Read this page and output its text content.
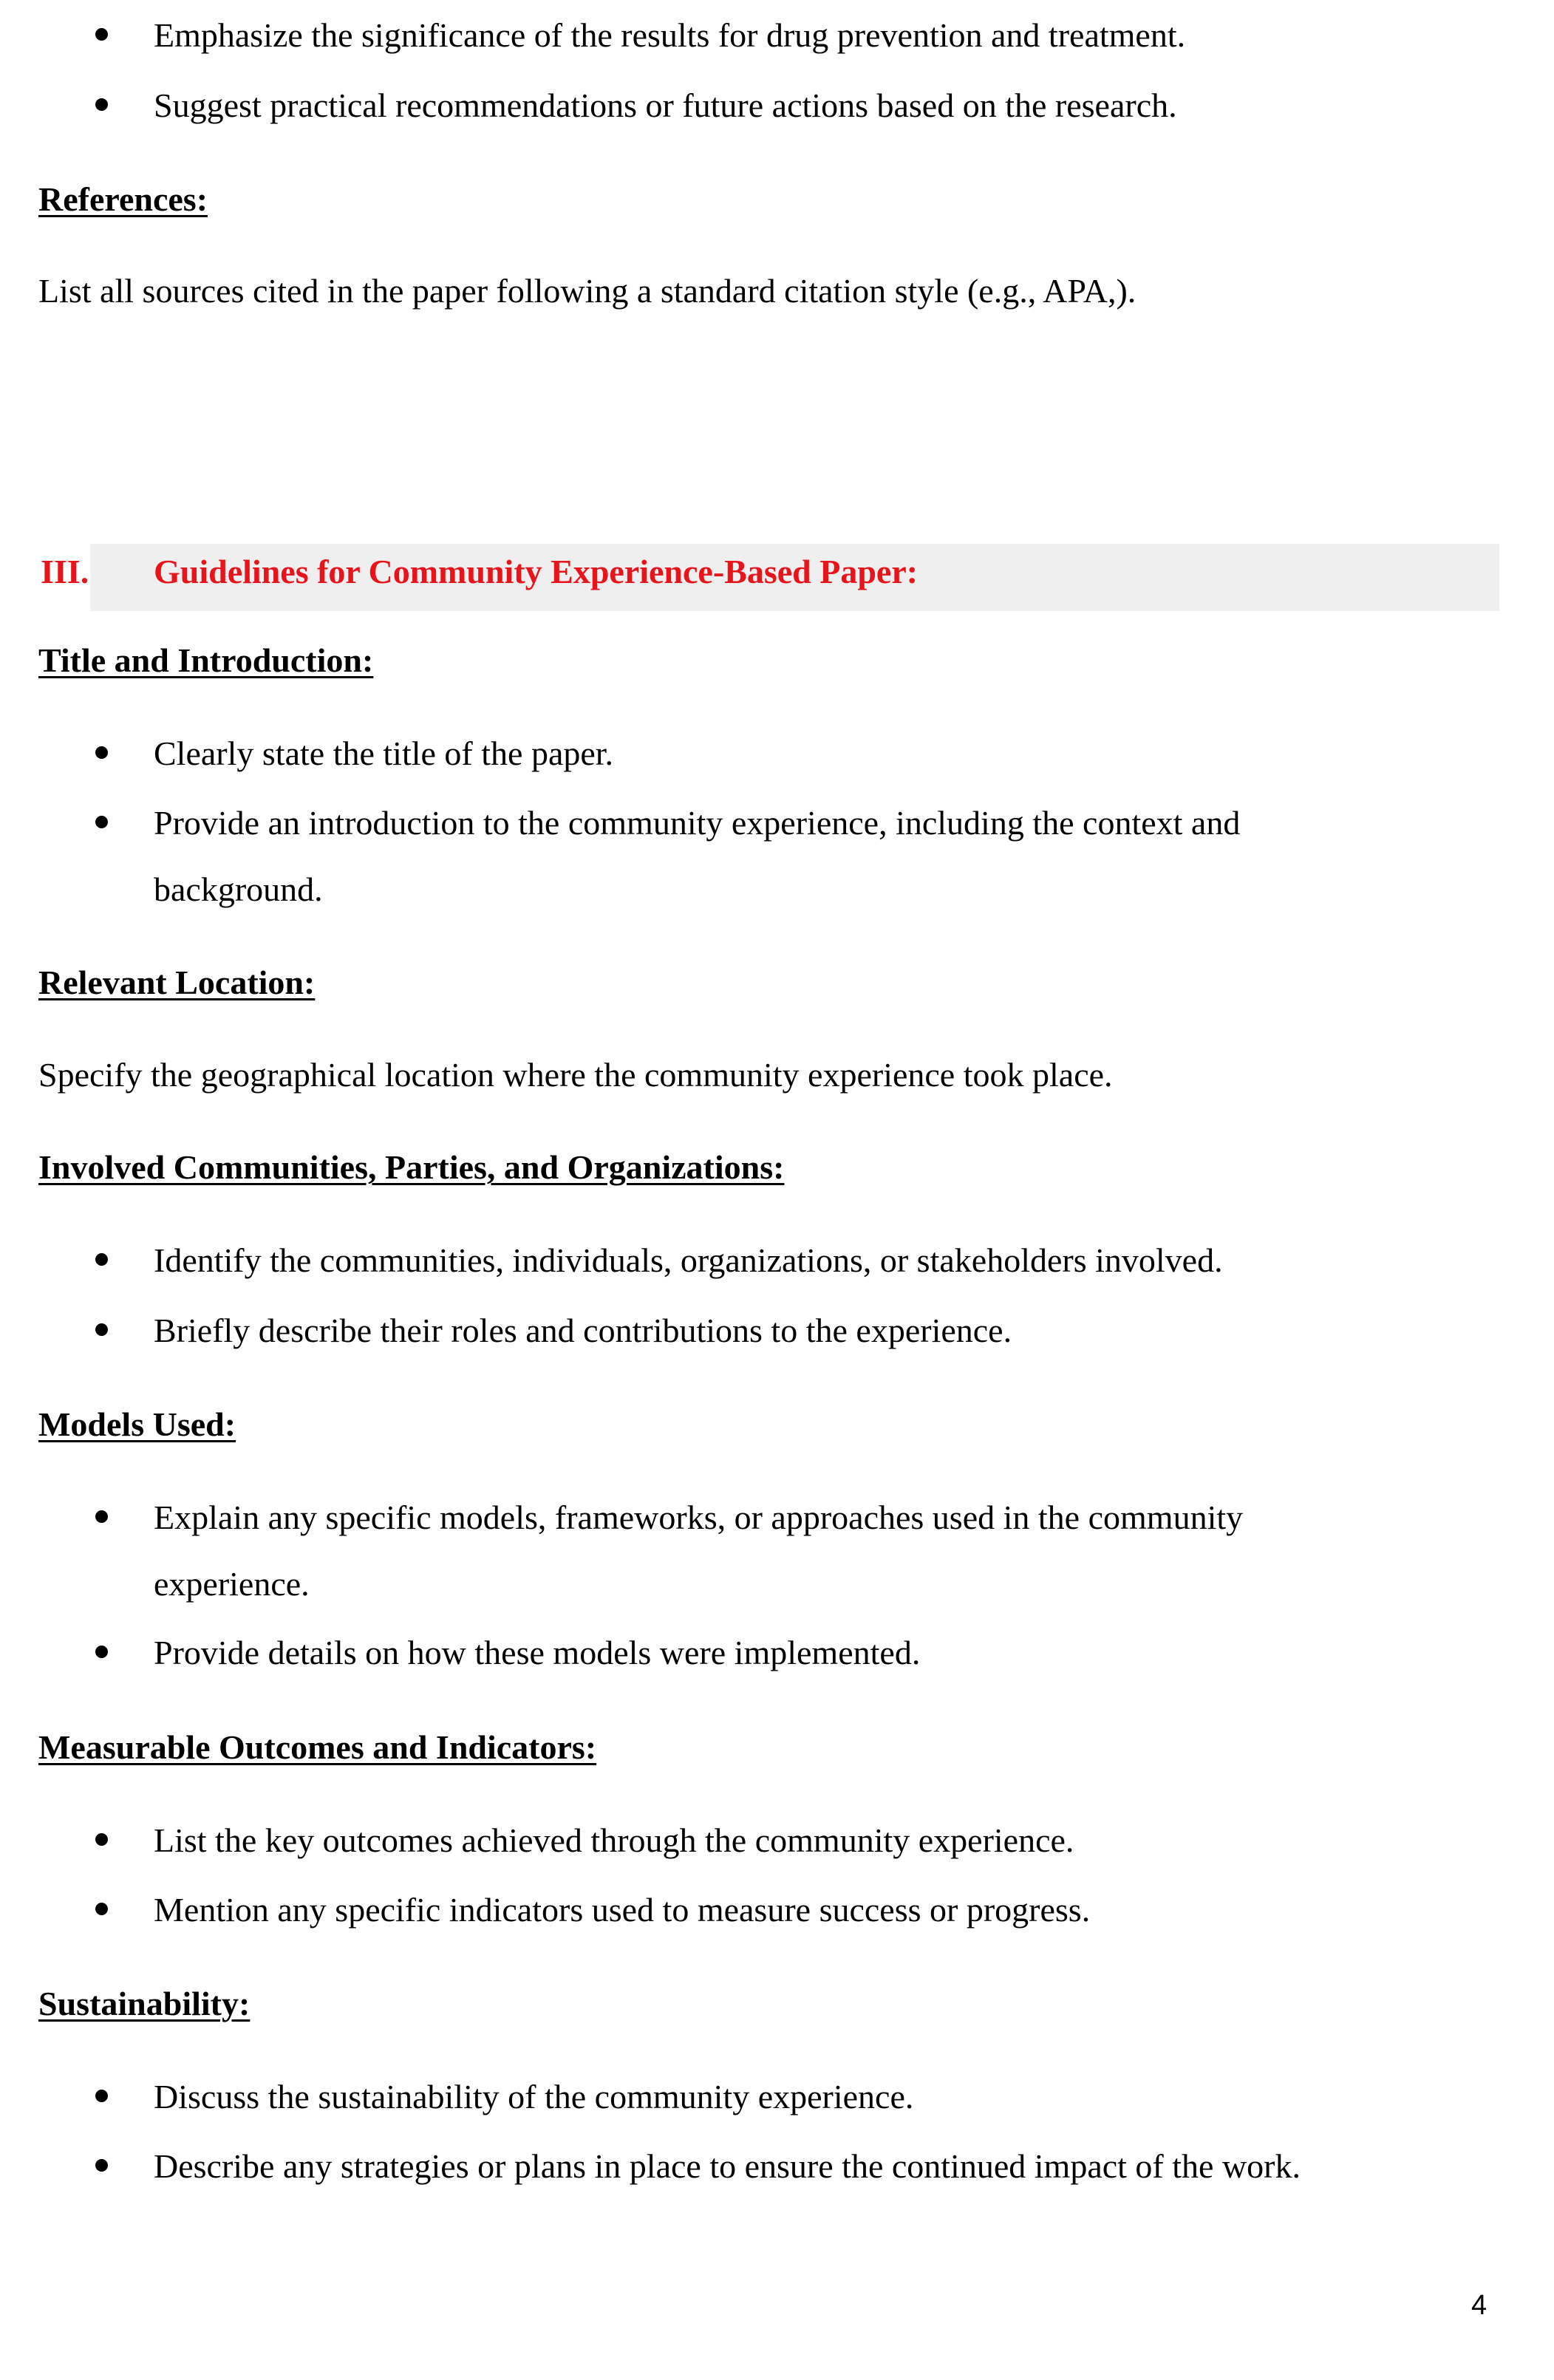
Emphasize the significance of the results for drug prevention and treatment.
Suggest practical recommendations or future actions based on the research.
References:
List all sources cited in the paper following a standard citation style (e.g., APA,).
III. Guidelines for Community Experience-Based Paper:
Title and Introduction:
Clearly state the title of the paper.
Provide an introduction to the community experience, including the context and
background.
Relevant Location:
Specify the geographical location where the community experience took place.
Involved Communities, Parties, and Organizations:
Identify the communities, individuals, organizations, or stakeholders involved.
Briefly describe their roles and contributions to the experience.
Models Used:
Explain any specific models, frameworks, or approaches used in the community
experience.
Provide details on how these models were implemented.
Measurable Outcomes and Indicators:
List the key outcomes achieved through the community experience.
Mention any specific indicators used to measure success or progress.
Sustainability:
Discuss the sustainability of the community experience.
Describe any strategies or plans in place to ensure the continued impact of the work.
4
